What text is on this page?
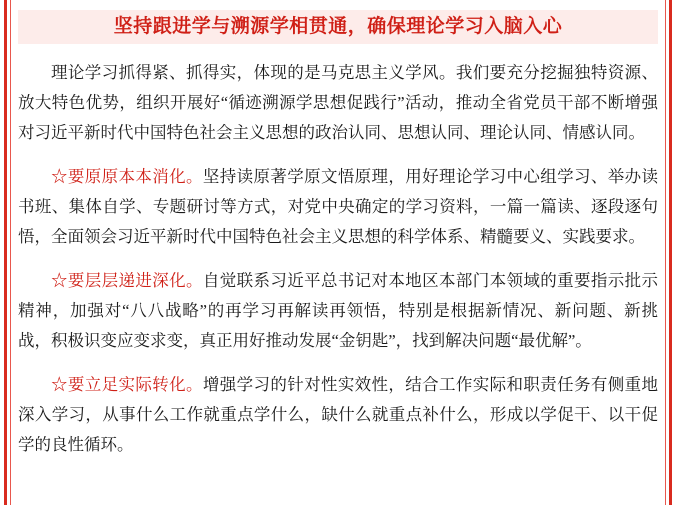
坚持跟进学与溯源学相贯通，确保理论学习入脑入心

理论学习抓得紧、抓得实，体现的是马克思主义学风。我们要充分挖掘独特资源、放大特色优势，组织开展好“循迹溯源学思想促践行”活动，推动全省党员干部不断增强对习近平新时代中国特色社会主义思想的政治认同、思想认同、理论认同、情感认同。

☆要原原本本消化。坚持读原著学原文悟原理，用好理论学习中心组学习、举办读书班、集体自学、专题研讨等方式，对党中央确定的学习资料，一篇一篇读、逐段逐句悟，全面领会习近平新时代中国特色社会主义思想的科学体系、精髓要义、实践要求。

☆要层层递进深化。自觉联系习近平总书记对本地区本部门本领域的重要指示批示精神，加强对“八八战略”的再学习再解读再领悟，特别是根据新情况、新问题、新挑战，积极识变应变求变，真正用好推动发展“金钥匙”，找到解决问题“最优解”。

☆要立足实际转化。增强学习的针对性实效性，结合工作实际和职责任务有侧重地深入学习，从事什么工作就重点学什么，缺什么就重点补什么，形成以学促干、以干促学的良性循环。
